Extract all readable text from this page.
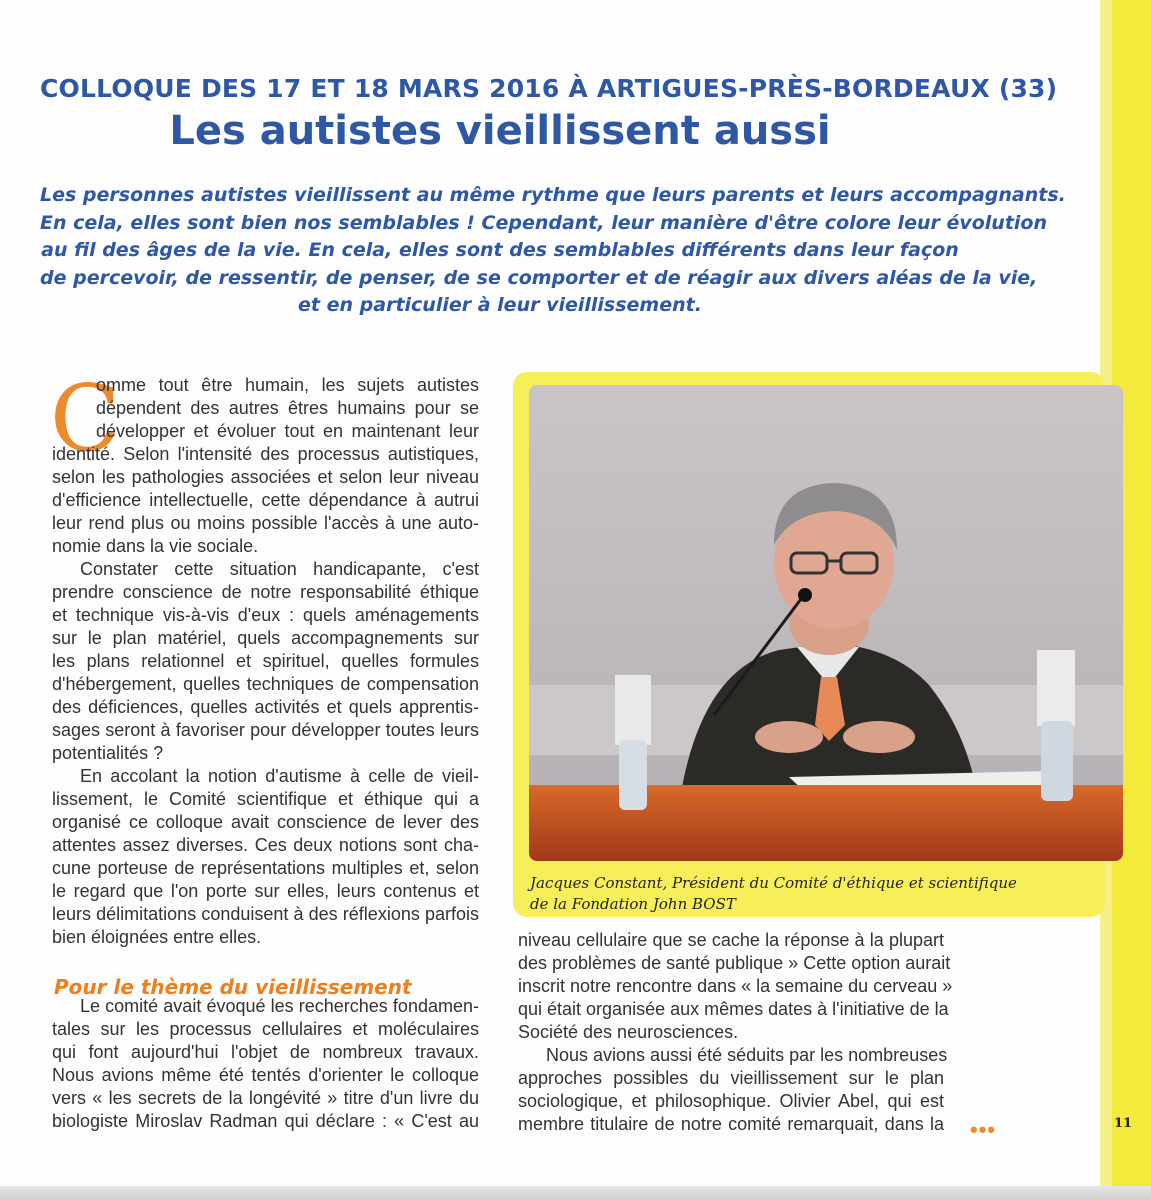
COLLOQUE DES 17 ET 18 MARS 2016 À ARTIGUES-PRÈS-BORDEAUX (33)
Les autistes vieillissent aussi
Les personnes autistes vieillissent au même rythme que leurs parents et leurs accompagnants.
En cela, elles sont bien nos semblables ! Cependant, leur manière d'être colore leur évolution
au fil des âges de la vie. En cela, elles sont des semblables différents dans leur façon
de percevoir, de ressentir, de penser, de se comporter et de réagir aux divers aléas de la vie,
et en particulier à leur vieillissement.
C
omme tout être humain, les sujets autistes
dépendent des autres êtres humains pour se
développer et évoluer tout en maintenant leur
identité. Selon l'intensité des processus autistiques,
selon les pathologies associées et selon leur niveau
d'efficience intellectuelle, cette dépendance à autrui
leur rend plus ou moins possible l'accès à une auto-
nomie dans la vie sociale.
Constater cette situation handicapante, c'est
prendre conscience de notre responsabilité éthique
et technique vis-à-vis d'eux : quels aménagements
sur le plan matériel, quels accompagnements sur
les plans relationnel et spirituel, quelles formules
d'hébergement, quelles techniques de compensation
des déficiences, quelles activités et quels apprentis-
sages seront à favoriser pour développer toutes leurs
potentialités ?
En accolant la notion d'autisme à celle de vieil-
lissement, le Comité scientifique et éthique qui a
organisé ce colloque avait conscience de lever des
attentes assez diverses. Ces deux notions sont cha-
cune porteuse de représentations multiples et, selon
le regard que l'on porte sur elles, leurs contenus et
leurs délimitations conduisent à des réflexions parfois
bien éloignées entre elles.
Le comité avait évoqué les recherches fondamen-
tales sur les processus cellulaires et moléculaires
qui font aujourd'hui l'objet de nombreux travaux.
Nous avions même été tentés d'orienter le colloque
vers « les secrets de la longévité » titre d'un livre du
biologiste Miroslav Radman qui déclare : « C'est au
Pour le thème du vieillissement
Jacques Constant, Président du Comité d'éthique et scientifique
de la Fondation John BOST
niveau cellulaire que se cache la réponse à la plupart
des problèmes de santé publique » Cette option aurait
inscrit notre rencontre dans « la semaine du cerveau »
qui était organisée aux mêmes dates à l'initiative de la
Société des neurosciences.
Nous avions aussi été séduits par les nombreuses
approches possibles du vieillissement sur le plan
sociologique, et philosophique. Olivier Abel, qui est
membre titulaire de notre comité remarquait, dans la •••	11
